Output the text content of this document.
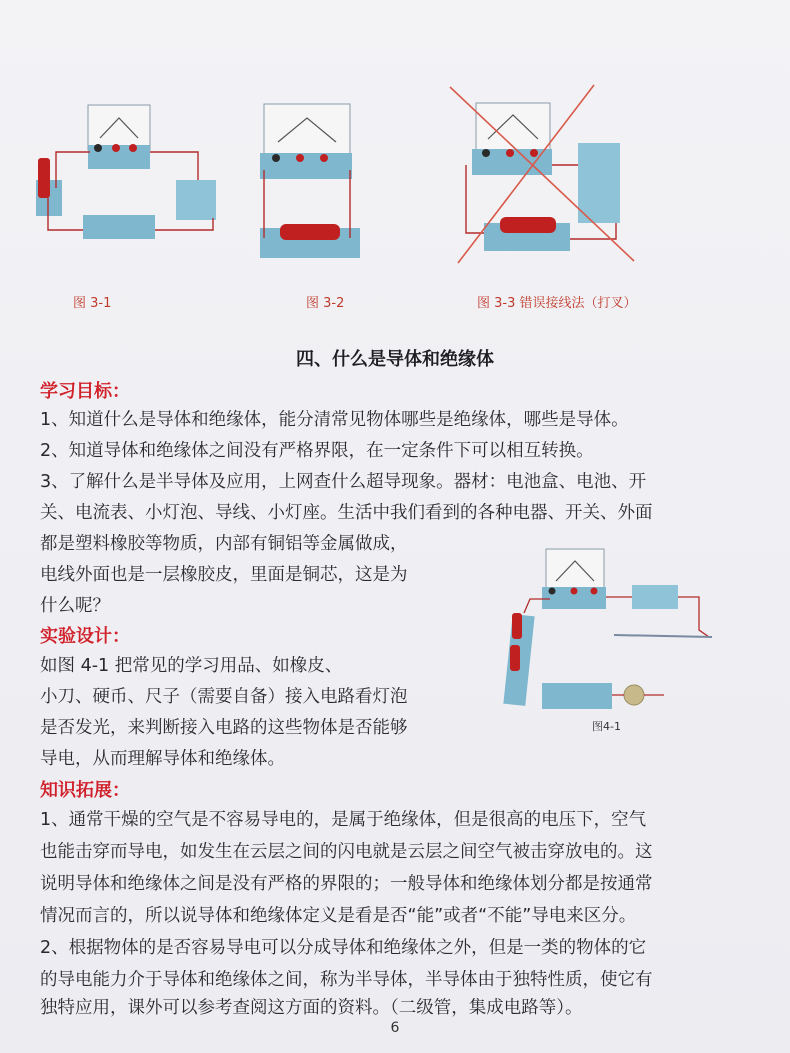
图 3-1	图 3-2	图 3-3 错误接线法（打叉）
四、什么是导体和绝缘体
学习目标：
1、知道什么是导体和绝缘体，能分清常见物体哪些是绝缘体，哪些是导体。
2、知道导体和绝缘体之间没有严格界限，在一定条件下可以相互转换。
3、了解什么是半导体及应用，上网查什么超导现象。器材：电池盒、电池、开
关、电流表、小灯泡、导线、小灯座。生活中我们看到的各种电器、开关、外面
都是塑料橡胶等物质，内部有铜铝等金属做成，
电线外面也是一层橡胶皮，里面是铜芯，这是为
什么呢？
图4-1
实验设计：
如图 4-1 把常见的学习用品、如橡皮、
小刀、硬币、尺子（需要自备）接入电路看灯泡
是否发光，来判断接入电路的这些物体是否能够
导电，从而理解导体和绝缘体。
知识拓展：
1、通常干燥的空气是不容易导电的，是属于绝缘体，但是很高的电压下，空气
也能击穿而导电，如发生在云层之间的闪电就是云层之间空气被击穿放电的。这
说明导体和绝缘体之间是没有严格的界限的；一般导体和绝缘体划分都是按通常
情况而言的，所以说导体和绝缘体定义是看是否“能”或者“不能”导电来区分。
2、根据物体的是否容易导电可以分成导体和绝缘体之外，但是一类的物体的它
的导电能力介于导体和绝缘体之间，称为半导体，半导体由于独特性质，使它有
独特应用，课外可以参考查阅这方面的资料。（二级管，集成电路等）。
6
